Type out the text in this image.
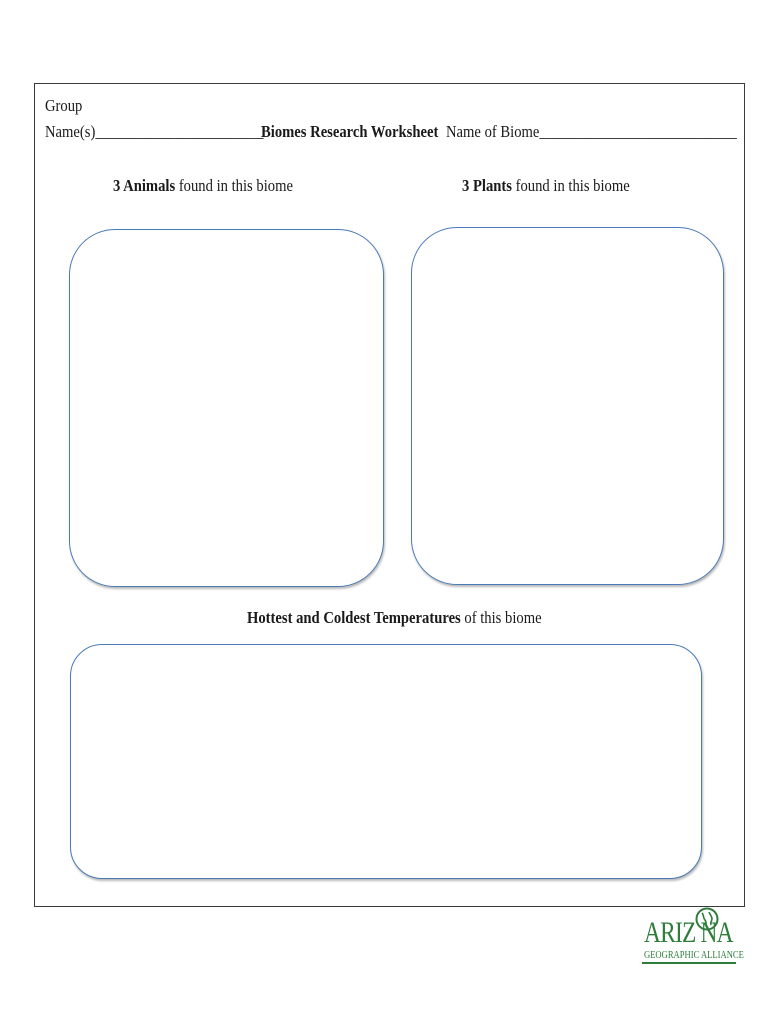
Group
Name(s)_______________________
Biomes Research Worksheet Name of Biome___________________________
3 Animals found in this biome	3 Plants found in this biome
Hottest and Coldest Temperatures of this biome
ARIZ NA
GEOGRAPHIC ALLIANCE
